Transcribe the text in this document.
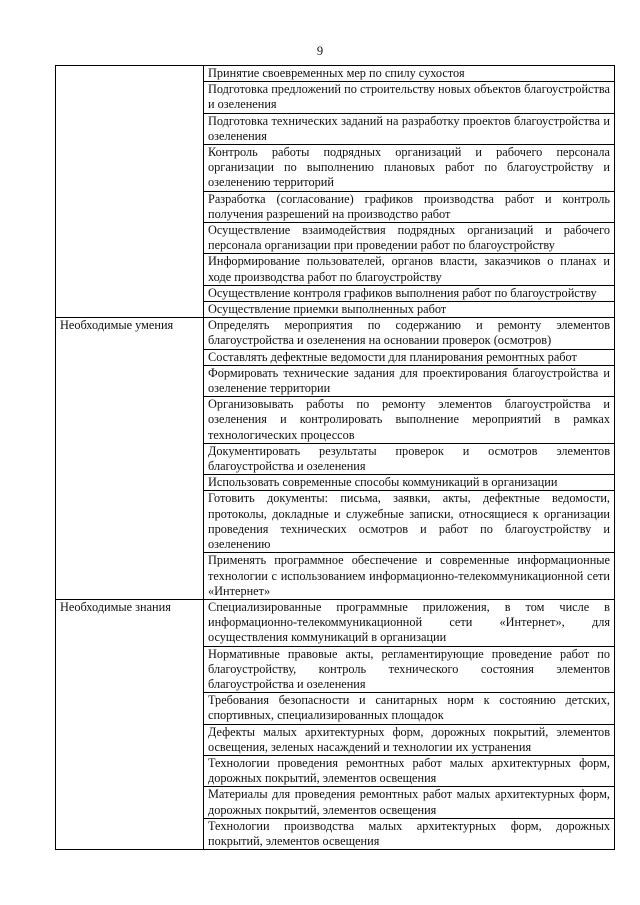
9
	Принятие своевременных мер по спилу сухостоя
	Подготовка предложений по строительству новых объектов благоустройства и озеленения
	Подготовка технических заданий на разработку проектов благоустройства и озеленения
	Контроль работы подрядных организаций и рабочего персонала организации по выполнению плановых работ по благоустройству и озеленению территорий
	Разработка (согласование) графиков производства работ и контроль получения разрешений на производство работ
	Осуществление взаимодействия подрядных организаций и рабочего персонала организации при проведении работ по благоустройству
	Информирование пользователей, органов власти, заказчиков о планах и ходе производства работ по благоустройству
	Осуществление контроля графиков выполнения работ по благоустройству
	Осуществление приемки выполненных работ
Необходимые умения	Определять мероприятия по содержанию и ремонту элементов благоустройства и озеленения на основании проверок (осмотров)
	Составлять дефектные ведомости для планирования ремонтных работ
	Формировать технические задания для проектирования благоустройства и озеленение территории
	Организовывать работы по ремонту элементов благоустройства и озеленения и контролировать выполнение мероприятий в рамках технологических процессов
	Документировать результаты проверок и осмотров элементов благоустройства и озеленения
	Использовать современные способы коммуникаций в организации
	Готовить документы: письма, заявки, акты, дефектные ведомости, протоколы, докладные и служебные записки, относящиеся к организации проведения технических осмотров и работ по благоустройству и озеленению
	Применять программное обеспечение и современные информационные технологии с использованием информационно-телекоммуникационной сети «Интернет»
Необходимые знания	Специализированные программные приложения, в том числе в информационно-телекоммуникационной сети «Интернет», для осуществления коммуникаций в организации
	Нормативные правовые акты, регламентирующие проведение работ по благоустройству, контроль технического состояния элементов благоустройства и озеленения
	Требования безопасности и санитарных норм к состоянию детских, спортивных, специализированных площадок
	Дефекты малых архитектурных форм, дорожных покрытий, элементов освещения, зеленых насаждений и технологии их устранения
	Технологии проведения ремонтных работ малых архитектурных форм, дорожных покрытий, элементов освещения
	Материалы для проведения ремонтных работ малых архитектурных форм, дорожных покрытий, элементов освещения
	Технологии производства малых архитектурных форм, дорожных покрытий, элементов освещения
